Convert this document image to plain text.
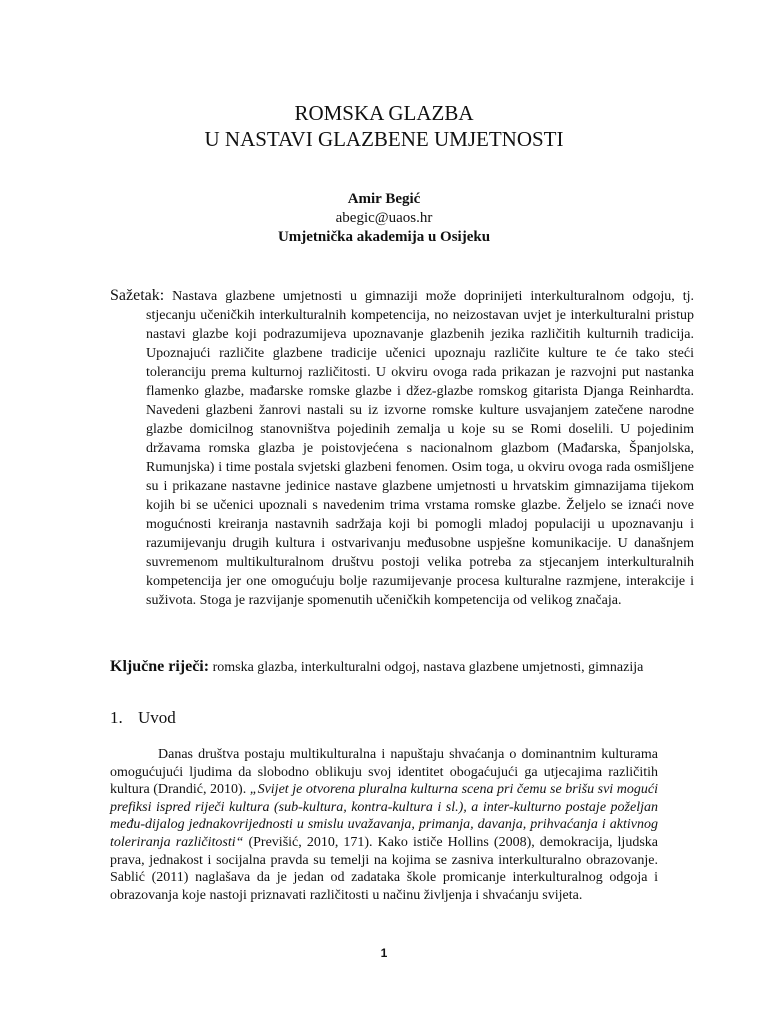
ROMSKA GLAZBA
U NASTAVI GLAZBENE UMJETNOSTI
Amir Begić
abegic@uaos.hr
Umjetnička akademija u Osijeku
Sažetak: Nastava glazbene umjetnosti u gimnaziji može doprinijeti interkulturalnom odgoju, tj. stjecanju učeničkih interkulturalnih kompetencija, no neizostavan uvjet je interkulturalni pristup nastavi glazbe koji podrazumijeva upoznavanje glazbenih jezika različitih kulturnih tradicija. Upoznajući različite glazbene tradicije učenici upoznaju različite kulture te će tako steći toleranciju prema kulturnoj različitosti. U okviru ovoga rada prikazan je razvojni put nastanka flamenko glazbe, mađarske romske glazbe i džez-glazbe romskog gitarista Djanga Reinhardta. Navedeni glazbeni žanrovi nastali su iz izvorne romske kulture usvajanjem zatečene narodne glazbe domicilnog stanovništva pojedinih zemalja u koje su se Romi doselili. U pojedinim državama romska glazba je poistovjećena s nacionalnom glazbom (Mađarska, Španjolska, Rumunjska) i time postala svjetski glazbeni fenomen. Osim toga, u okviru ovoga rada osmišljene su i prikazane nastavne jedinice nastave glazbene umjetnosti u hrvatskim gimnazijama tijekom kojih bi se učenici upoznali s navedenim trima vrstama romske glazbe. Željelo se iznaći nove mogućnosti kreiranja nastavnih sadržaja koji bi pomogli mladoj populaciji u upoznavanju i razumijevanju drugih kultura i ostvarivanju međusobne uspješne komunikacije. U današnjem suvremenom multikulturalnom društvu postoji velika potreba za stjecanjem interkulturalnih kompetencija jer one omogućuju bolje razumijevanje procesa kulturalne razmjene, interakcije i suživota. Stoga je razvijanje spomenutih učeničkih kompetencija od velikog značaja.
Ključne riječi: romska glazba, interkulturalni odgoj, nastava glazbene umjetnosti, gimnazija
1. Uvod
Danas društva postaju multikulturalna i napuštaju shvaćanja o dominantnim kulturama omogućujući ljudima da slobodno oblikuju svoj identitet obogaćujući ga utjecajima različitih kultura (Drandić, 2010). „Svijet je otvorena pluralna kulturna scena pri čemu se brišu svi mogući prefiksi ispred riječi kultura (sub-kultura, kontra-kultura i sl.), a inter-kulturno postaje poželjan među-dijalog jednakovrijednosti u smislu uvažavanja, primanja, davanja, prihvaćanja i aktivnog toleriranja različitosti“ (Previšić, 2010, 171). Kako ističe Hollins (2008), demokracija, ljudska prava, jednakost i socijalna pravda su temelji na kojima se zasniva interkulturalno obrazovanje. Sablić (2011) naglašava da je jedan od zadataka škole promicanje interkulturalnog odgoja i obrazovanja koje nastoji priznavati različitosti u načinu življenja i shvaćanju svijeta.
1
